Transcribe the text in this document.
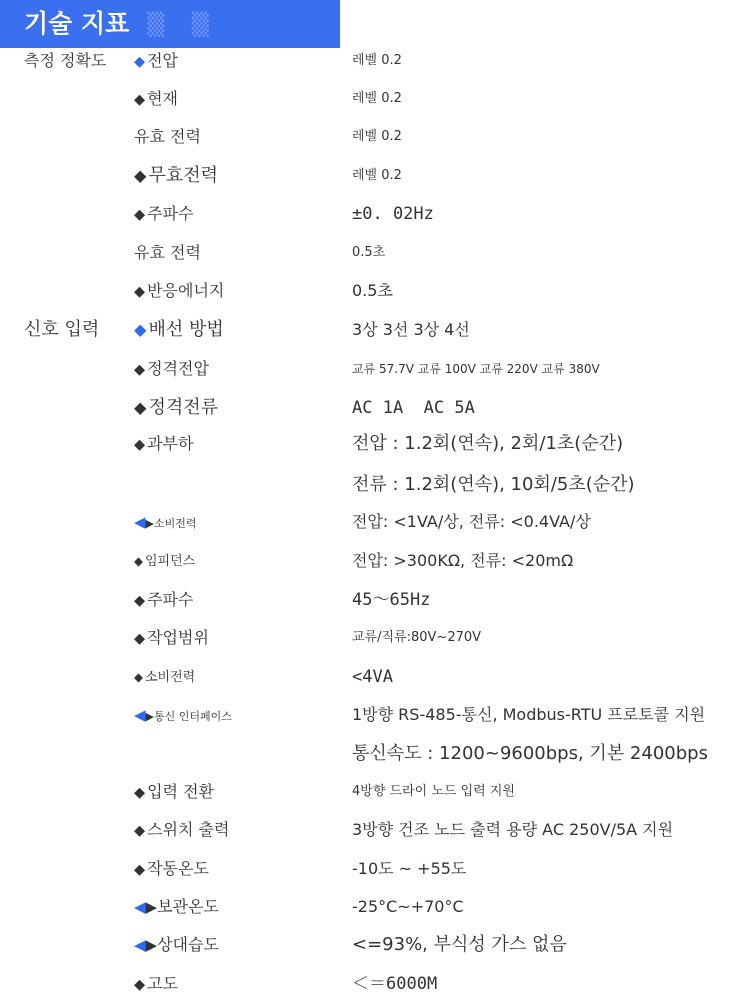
기술 지표 ▒ ▒
측정 정확도 ◆ 전압	레벨 0.2
◆ 현재	레벨 0.2
유효 전력	레벨 0.2
◆ 무효전력	레벨 0.2
◆ 주파수	±0. 02Hz
유효 전력	0.5초
◆ 반응에너지	0.5초
신호 입력 ◆ 배선 방법	3상 3선 3상 4선
◆ 정격전압	교류 57.7V 교류 100V 교류 220V 교류 380V
◆ 정격전류	AC 1A  AC 5A
◆ 과부하	전압 : 1.2회(연속), 2회/1초(순간)
전류 : 1.2회(연속), 10회/5초(순간)
◀▶소비전력	전압: <1VA/상, 전류: <0.4VA/상
◆ 임피던스	전압: >300KΩ, 전류: <20mΩ
◆ 주파수	45～65Hz
◆ 작업범위	교류/직류:80V~270V
◆ 소비전력	<4VA
◀▶통신 인터페이스	1방향 RS-485-통신, Modbus-RTU 프로토콜 지원
통신속도 : 1200~9600bps, 기본 2400bps
◆ 입력 전환	4방향 드라이 노드 입력 지원
◆ 스위치 출력	3방향 건조 노드 출력 용량 AC 250V/5A 지원
◆ 작동온도	-10도 ~ +55도
◀▶보관온도	-25°C~+70°C
◀▶상대습도	<=93%, 부식성 가스 없음
◆ 고도	＜＝6000M
